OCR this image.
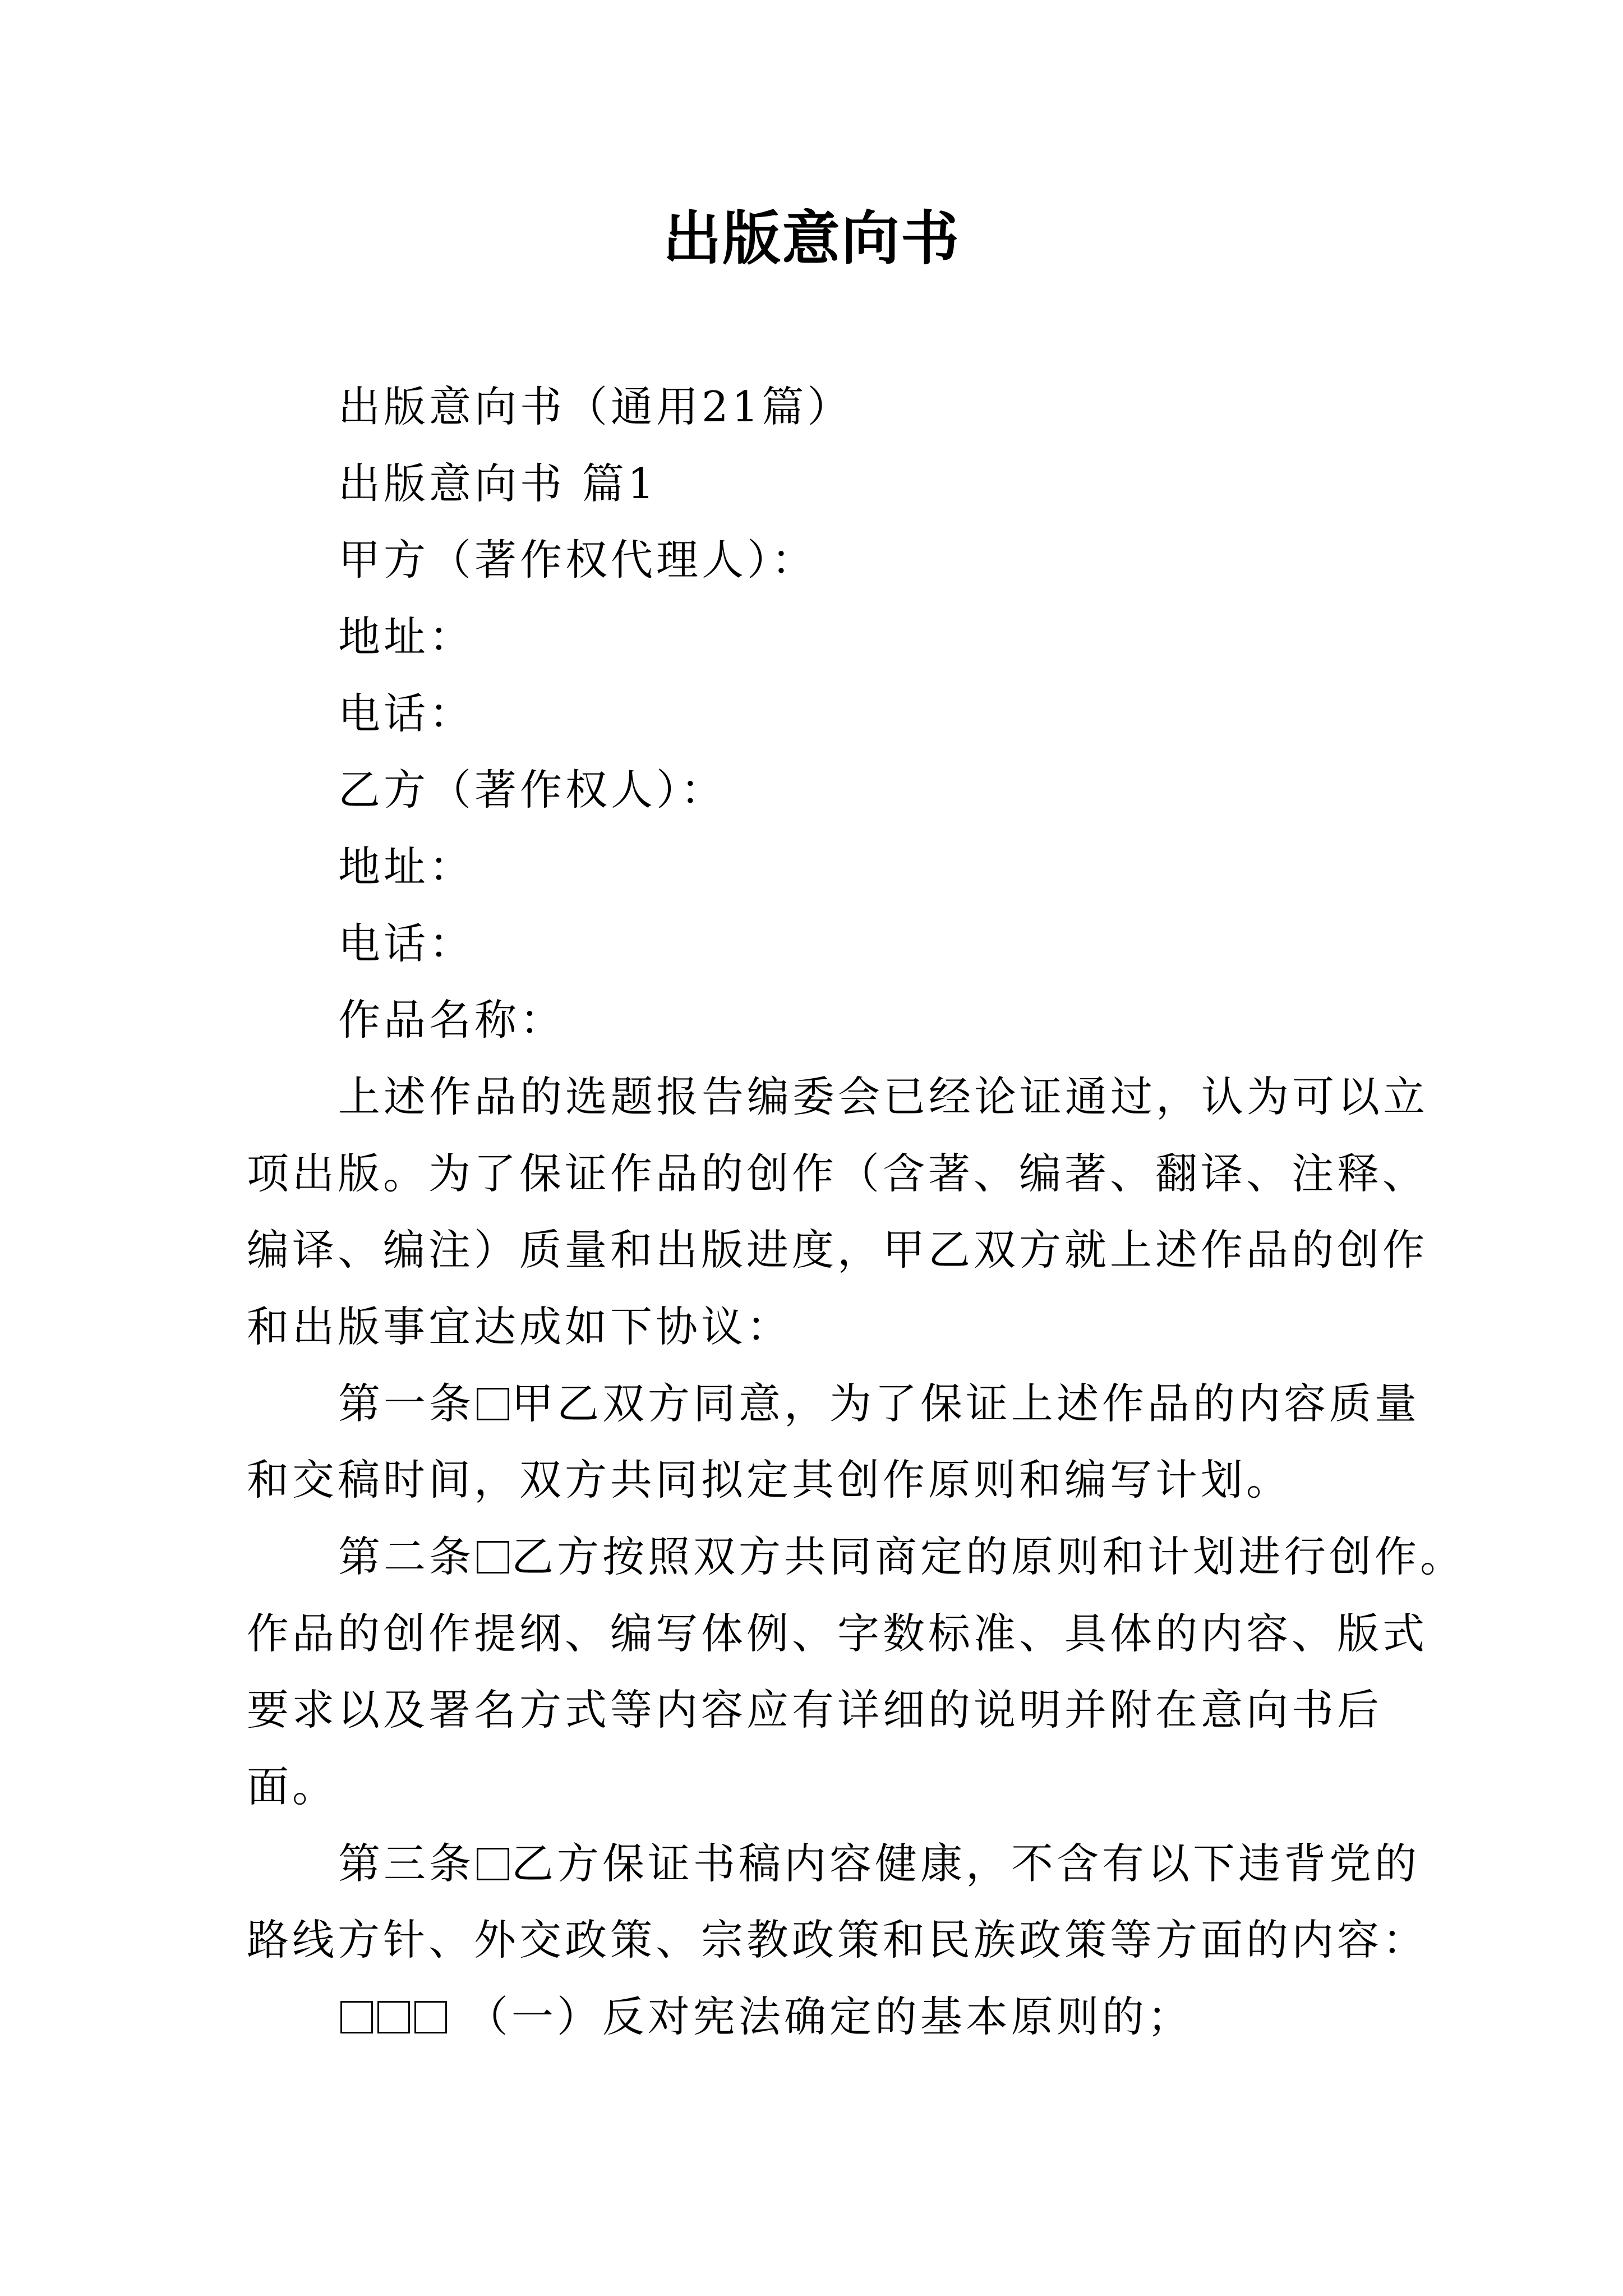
出版意向书
出版意向书（通用21篇）
出版意向书 篇1
甲方（著作权代理人）：
地址：
电话：
乙方（著作权人）：
地址：
电话：
作品名称：
上述作品的选题报告编委会已经论证通过，认为可以立
项出版。为了保证作品的创作（含著、编著、翻译、注释、
编译、编注）质量和出版进度，甲乙双方就上述作品的创作
和出版事宜达成如下协议：
第一条 甲乙双方同意，为了保证上述作品的内容质量
和交稿时间，双方共同拟定其创作原则和编写计划。
第二条 乙方按照双方共同商定的原则和计划进行创作。
作品的创作提纲、编写体例、字数标准、具体的内容、版式
要求以及署名方式等内容应有详细的说明并附在意向书后
面。
第三条 乙方保证书稿内容健康，不含有以下违背党的
路线方针、外交政策、宗教政策和民族政策等方面的内容：
（一）反对宪法确定的基本原则的；
